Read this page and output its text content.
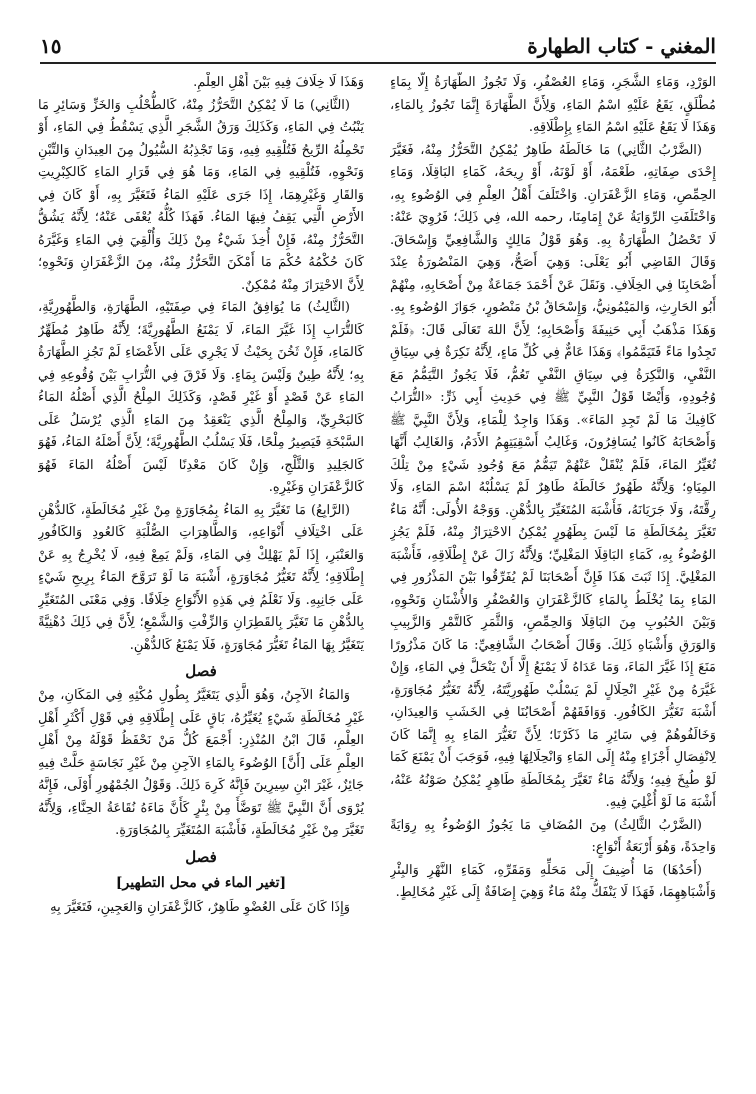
المغني - كتاب الطهارة
١٥

الوَرْدِ، وَمَاءِ الشَّجَرِ، وَمَاءِ العُصْفُرِ، وَلَا تَجُوزُ الطَّهَارَةُ إِلَّا بِمَاءٍ مُطْلَقٍ، يَقَعُ عَلَيْهِ اسْمُ المَاءِ، وَلِأَنَّ الطَّهَارَةَ إِنَّمَا تَجُوزُ بِالمَاءِ، وَهَذَا لَا يَقَعُ عَلَيْهِ اسْمُ المَاءِ بِإِطْلَاقِهِ.

(الضَّرْبُ الثَّانِي) مَا خَالَطَهُ طَاهِرٌ يُمْكِنُ التَّحَرُّزُ مِنْهُ، فَغَيَّرَ إِحْدَى صِفَاتِهِ، طَعْمَهُ، أَوْ لَوْنَهُ، أَوْ رِيحَهُ، كَمَاءِ البَاقِلَا، وَمَاءِ الحِمِّصِ، وَمَاءِ الزَّعْفَرَانِ. وَاخْتَلَفَ أَهْلُ العِلْمِ فِي الوُضُوءِ بِهِ، وَاخْتَلَفَتِ الرِّوَايَةُ عَنْ إِمَامِنَا، رحمه الله، فِي ذَلِكَ؛ فَرُوِيَ عَنْهُ: لَا تَحْصُلُ الطَّهَارَةُ بِهِ. وَهُوَ قَوْلُ مَالِكٍ وَالشَّافِعِيِّ وَإِسْحَاقَ. وَقَالَ القَاضِي أَبُو يَعْلَى: وَهِيَ أَصَحُّ، وَهِيَ المَنْصُورَةُ عِنْدَ أَصْحَابِنَا فِي الخِلَافِ. وَنَقَلَ عَنْ أَحْمَدَ جَمَاعَةٌ مِنْ أَصْحَابِهِ، مِنْهُمْ أَبُو الحَارِثِ، وَالمَيْمُونِيُّ، وَإِسْحَاقُ بْنُ مَنْصُورٍ، جَوَازَ الوُضُوءِ بِهِ. وَهَذَا مَذْهَبُ أَبِي حَنِيفَةَ وَأَصْحَابِهِ؛ لِأَنَّ اللهَ تَعَالَى قَالَ: ﴿فَلَمْ تَجِدُوا مَاءً فَتَيَمَّمُوا﴾ وَهَذَا عَامٌّ فِي كُلِّ مَاءٍ، لِأَنَّهُ نَكِرَةٌ فِي سِيَاقِ النَّفْيِ، وَالنَّكِرَةُ فِي سِيَاقِ النَّفْيِ تَعُمُّ، فَلَا يَجُوزُ التَّيَمُّمُ مَعَ وُجُودِهِ، وَأَيْضًا قَوْلُ النَّبِيِّ ﷺ فِي حَدِيثِ أَبِي ذَرٍّ: «التُّرَابُ كَافِيكَ مَا لَمْ تَجِدِ المَاءَ». وَهَذَا وَاجِدٌ لِلْمَاءِ، وَلِأَنَّ النَّبِيَّ ﷺ وَأَصْحَابَهُ كَانُوا يُسَافِرُونَ، وَغَالِبُ أَسْقِيَتِهِمُ الأَدَمُ، وَالغَالِبُ أَنَّهَا تُغَيِّرُ المَاءَ، فَلَمْ يُنْقَلْ عَنْهُمْ تَيَمُّمٌ مَعَ وُجُودِ شَيْءٍ مِنْ تِلْكَ المِيَاهِ؛ وَلِأَنَّهُ طَهُورٌ خَالَطَهُ طَاهِرٌ لَمْ يَسْلُبْهُ اسْمَ المَاءِ، وَلَا رِقَّتَهُ، وَلَا جَرَيَانَهُ، فَأَشْبَهَ المُتَغَيِّرَ بِالدُّهْنِ. وَوَجْهُ الأُولَى: أَنَّهُ مَاءٌ تَغَيَّرَ بِمُخَالَطَةِ مَا لَيْسَ بِطَهُورٍ يُمْكِنُ الاحْتِرَازُ مِنْهُ، فَلَمْ يَجُزِ الوُضُوءُ بِهِ، كَمَاءِ البَاقِلَا المَغْلِيِّ؛ وَلِأَنَّهُ زَالَ عَنْ إِطْلَاقِهِ، فَأَشْبَهَ المَغْلِيَّ. إِذَا ثَبَتَ هَذَا فَإِنَّ أَصْحَابَنَا لَمْ يُفَرِّقُوا بَيْنَ المَذْرُورِ فِي المَاءِ بِمَا يُخْلَطُ بِالمَاءِ كَالزَّعْفَرَانِ وَالعُصْفُرِ وَالأُشْنَانِ وَنَحْوِهِ، وَبَيْنَ الحُبُوبِ مِنَ البَاقِلَا وَالحِمِّصِ، وَالثَّمَرِ كَالتَّمْرِ وَالزَّبِيبِ وَالوَرَقِ وَأَشْبَاهِ ذَلِكَ. وَقَالَ أَصْحَابُ الشَّافِعِيِّ: مَا كَانَ مَذْرُورًا مَنَعَ إِذَا غَيَّرَ المَاءَ، وَمَا عَدَاهُ لَا يَمْنَعُ إِلَّا أَنْ يَنْحَلَّ فِي المَاءِ، وَإِنْ غَيَّرَهُ مِنْ غَيْرِ انْحِلَالٍ لَمْ يَسْلُبْ طَهُورِيَّتَهُ، لِأَنَّهُ تَغَيُّرُ مُجَاوَرَةٍ، أَشْبَهَ تَغَيُّرَ الكَافُورِ. وَوَافَقَهُمْ أَصْحَابُنَا فِي الخَشَبِ وَالعِيدَانِ، وَخَالَفُوهُمْ فِي سَائِرِ مَا ذَكَرْنَا؛ لِأَنَّ تَغَيُّرَ المَاءِ بِهِ إِنَّمَا كَانَ لِانْفِصَالِ أَجْزَاءٍ مِنْهُ إِلَى المَاءِ وَانْحِلَالِهَا فِيهِ، فَوَجَبَ أَنْ يَمْنَعَ كَمَا لَوْ طُبِخَ فِيهِ؛ وَلِأَنَّهُ مَاءٌ تَغَيَّرَ بِمُخَالَطَةِ طَاهِرٍ يُمْكِنُ صَوْنُهُ عَنْهُ، أَشْبَهَ مَا لَوْ أُغْلِيَ فِيهِ.

(الضَّرْبُ الثَّالِثُ) مِنَ المُضَافِ مَا يَجُوزُ الوُضُوءُ بِهِ رِوَايَةً وَاحِدَةً، وَهُوَ أَرْبَعَةُ أَنْوَاعٍ:

(أَحَدُهَا) مَا أُضِيفَ إِلَى مَحَلِّهِ وَمَقَرِّهِ، كَمَاءِ النَّهْرِ وَالبِئْرِ وَأَشْبَاهِهِمَا، فَهَذَا لَا يَنْفَكُّ مِنْهُ مَاءٌ وَهِيَ إِضَافَةٌ إِلَى غَيْرِ مُخَالِطٍ.

وَهَذَا لَا خِلَافَ فِيهِ بَيْنَ أَهْلِ العِلْمِ.

(الثَّانِي) مَا لَا يُمْكِنُ التَّحَرُّزُ مِنْهُ، كَالطُّحْلُبِ وَالخَزِّ وَسَائِرِ مَا يَنْبُتُ فِي المَاءِ، وَكَذَلِكَ وَرَقُ الشَّجَرِ الَّذِي يَسْقُطُ فِي المَاءِ، أَوْ تَحْمِلُهُ الرِّيحُ فَتُلْقِيهِ فِيهِ، وَمَا تَجْذِبُهُ السُّيُولُ مِنَ العِيدَانِ وَالتِّبْنِ وَنَحْوِهِ، فَتُلْقِيهِ فِي المَاءِ، وَمَا هُوَ فِي قَرَارِ المَاءِ كَالكِبْرِيتِ وَالقَارِ وَغَيْرِهِمَا، إِذَا جَرَى عَلَيْهِ المَاءُ فَتَغَيَّرَ بِهِ، أَوْ كَانَ فِي الأَرْضِ الَّتِي يَقِفُ فِيهَا المَاءُ. فَهَذَا كُلُّهُ يُعْفَى عَنْهُ؛ لِأَنَّهُ يَشُقُّ التَّحَرُّزُ مِنْهُ، فَإِنْ أُخِذَ شَيْءٌ مِنْ ذَلِكَ وَأُلْقِيَ فِي المَاءِ وَغَيَّرَهُ كَانَ حُكْمُهُ حُكْمَ مَا أَمْكَنَ التَّحَرُّزُ مِنْهُ، مِنَ الزَّعْفَرَانِ وَنَحْوِهِ؛ لِأَنَّ الاحْتِرَازَ مِنْهُ مُمْكِنٌ.

(الثَّالِثُ) مَا يُوَافِقُ المَاءَ فِي صِفَتَيْهِ، الطَّهَارَةِ، وَالطَّهُورِيَّةِ، كَالتُّرَابِ إِذَا غَيَّرَ المَاءَ، لَا يَمْنَعُ الطَّهُورِيَّةَ؛ لِأَنَّهُ طَاهِرٌ مُطَهِّرٌ كَالمَاءِ، فَإِنْ ثَخُنَ بِحَيْثُ لَا يَجْرِي عَلَى الأَعْضَاءِ لَمْ تَجُزِ الطَّهَارَةُ بِهِ؛ لِأَنَّهُ طِينٌ وَلَيْسَ بِمَاءٍ. وَلَا فَرْقَ فِي التُّرَابِ بَيْنَ وُقُوعِهِ فِي المَاءِ عَنْ قَصْدٍ أَوْ غَيْرِ قَصْدٍ، وَكَذَلِكَ المِلْحُ الَّذِي أَصْلُهُ المَاءُ كَالبَحْرِيِّ، وَالمِلْحُ الَّذِي يَنْعَقِدُ مِنَ المَاءِ الَّذِي يُرْسَلُ عَلَى السَّبْخَةِ فَيَصِيرُ مِلْحًا، فَلَا يَسْلُبُ الطَّهُورِيَّةَ؛ لِأَنَّ أَصْلَهُ المَاءُ، فَهُوَ كَالجَلِيدِ وَالثَّلْجِ، وَإِنْ كَانَ مَعْدِنًا لَيْسَ أَصْلُهُ المَاءَ فَهُوَ كَالزَّعْفَرَانِ وَغَيْرِهِ.

(الرَّابِعُ) مَا تَغَيَّرَ بِهِ المَاءُ بِمُجَاوَرَةٍ مِنْ غَيْرِ مُخَالَطَةٍ، كَالدُّهْنِ عَلَى اخْتِلَافِ أَنْوَاعِهِ، وَالطَّاهِرَاتِ الصُّلْبَةِ كَالعُودِ وَالكَافُورِ وَالعَنْبَرِ، إِذَا لَمْ يَهْلِكْ فِي المَاءِ، وَلَمْ يَمِعْ فِيهِ، لَا يُخْرِجُ بِهِ عَنْ إِطْلَاقِهِ؛ لِأَنَّهُ تَغَيُّرُ مُجَاوَرَةٍ، أَشْبَهَ مَا لَوْ تَرَوَّحَ المَاءُ بِرِيحِ شَيْءٍ عَلَى جَانِبِهِ. وَلَا نَعْلَمُ فِي هَذِهِ الأَنْوَاعِ خِلَافًا. وَفِي مَعْنَى المُتَغَيِّرِ بِالدُّهْنِ مَا تَغَيَّرَ بِالقَطِرَانِ وَالزِّفْتِ وَالشَّمْعِ؛ لِأَنَّ فِي ذَلِكَ دُهْنِيَّةً يَتَغَيَّرُ بِهَا المَاءُ تَغَيُّرَ مُجَاوَرَةٍ، فَلَا يَمْنَعُ كَالدُّهْنِ.

فصل

وَالمَاءُ الآجِنُ، وَهُوَ الَّذِي يَتَغَيَّرُ بِطُولِ مُكْثِهِ فِي المَكَانِ، مِنْ غَيْرِ مُخَالَطَةِ شَيْءٍ يُغَيِّرُهُ، بَاقٍ عَلَى إِطْلَاقِهِ فِي قَوْلِ أَكْثَرِ أَهْلِ العِلْمِ، قَالَ ابْنُ المُنْذِرِ: أَجْمَعَ كُلُّ مَنْ نَحْفَظُ قَوْلَهُ مِنْ أَهْلِ العِلْمِ عَلَى [أَنَّ] الوُضُوءَ بِالمَاءِ الآجِنِ مِنْ غَيْرِ نَجَاسَةٍ حَلَّتْ فِيهِ جَائِزٌ، غَيْرَ ابْنِ سِيرِينَ فَإِنَّهُ كَرِهَ ذَلِكَ. وَقَوْلُ الجُمْهُورِ أَوْلَى، فَإِنَّهُ يُرْوَى أَنَّ النَّبِيَّ ﷺ تَوَضَّأَ مِنْ بِئْرٍ كَأَنَّ مَاءَهُ نُقَاعَةُ الحِنَّاءِ، وَلِأَنَّهُ تَغَيَّرَ مِنْ غَيْرِ مُخَالَطَةٍ، فَأَشْبَهَ المُتَغَيِّرَ بِالمُجَاوَرَةِ.

فصل
[تغير الماء في محل التطهير]

وَإِذَا كَانَ عَلَى العُضْوِ طَاهِرٌ، كَالزَّعْفَرَانِ وَالعَجِينِ، فَتَغَيَّرَ بِهِ
